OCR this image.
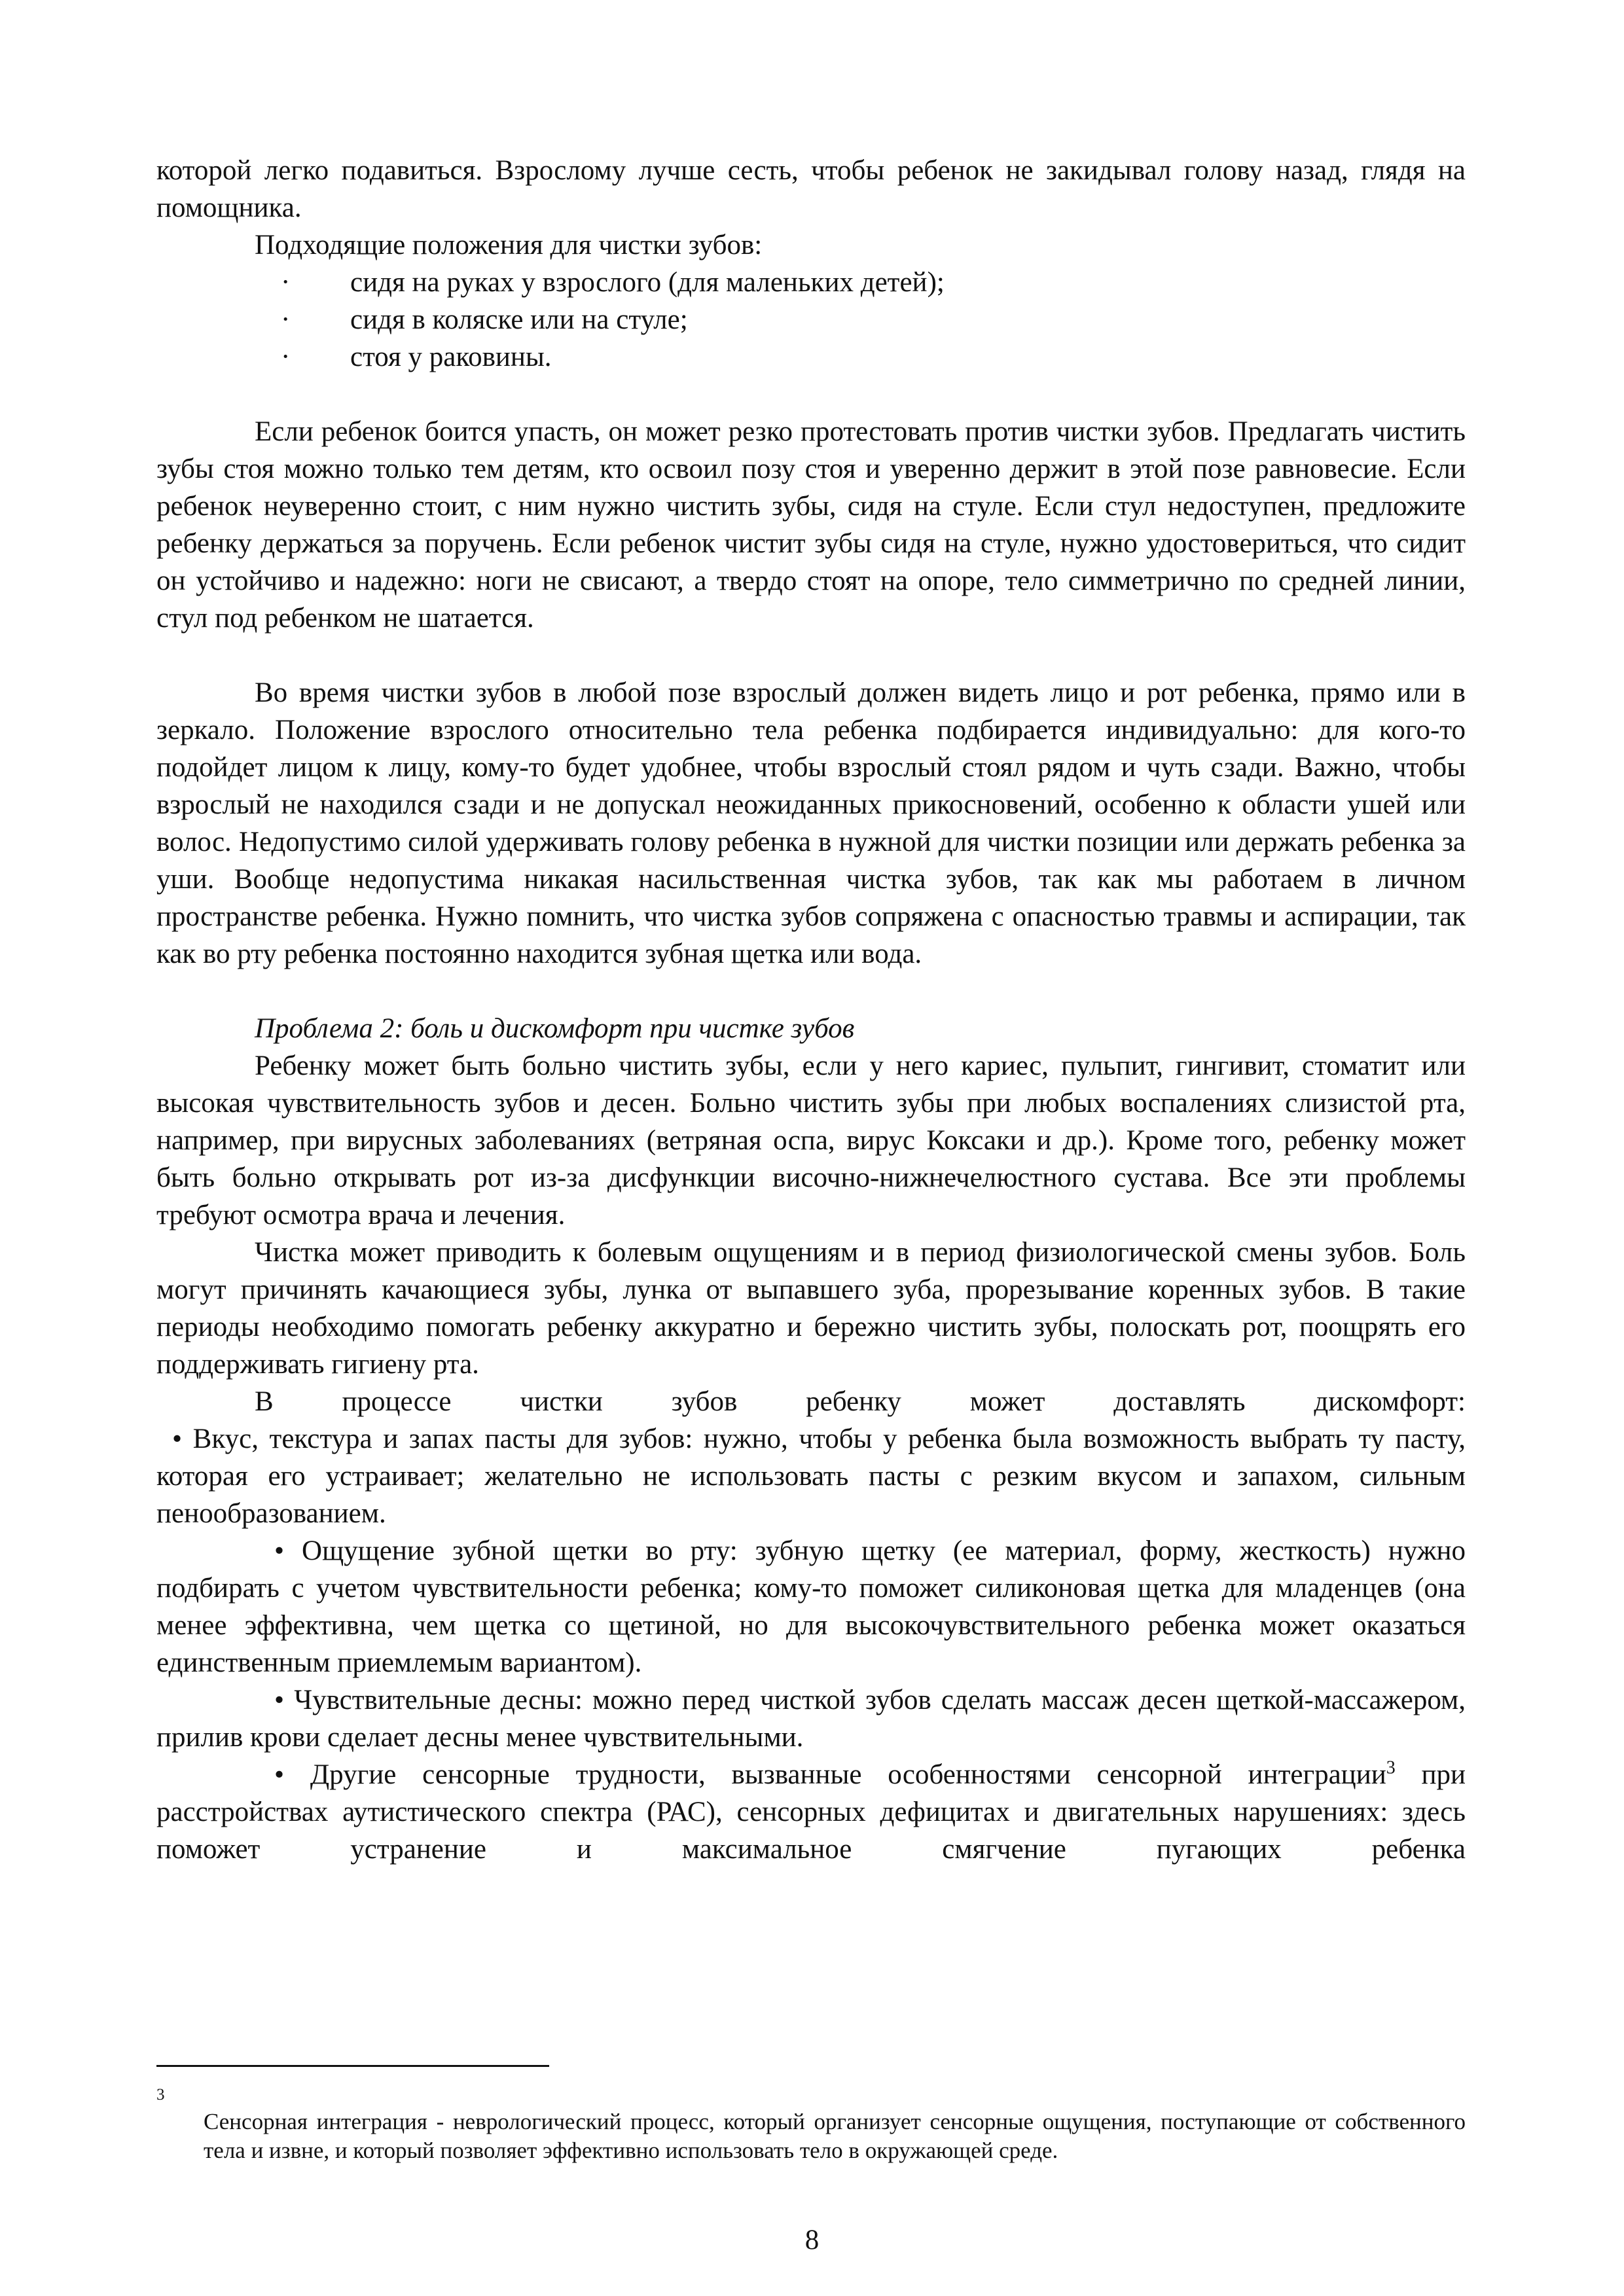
которой легко подавиться. Взрослому лучше сесть, чтобы ребенок не закидывал голову назад, глядя на помощника.

Подходящие положения для чистки зубов:

· сидя на руках у взрослого (для маленьких детей);
· сидя в коляске или на стуле;
· стоя у раковины.

Если ребенок боится упасть, он может резко протестовать против чистки зубов. Предлагать чистить зубы стоя можно только тем детям, кто освоил позу стоя и уверенно держит в этой позе равновесие. Если ребенок неуверенно стоит, с ним нужно чистить зубы, сидя на стуле. Если стул недоступен, предложите ребенку держаться за поручень. Если ребенок чистит зубы сидя на стуле, нужно удостовериться, что сидит он устойчиво и надежно: ноги не свисают, а твердо стоят на опоре, тело симметрично по средней линии, стул под ребенком не шатается.

Во время чистки зубов в любой позе взрослый должен видеть лицо и рот ребенка, прямо или в зеркало. Положение взрослого относительно тела ребенка подбирается индивидуально: для кого-то подойдет лицом к лицу, кому-то будет удобнее, чтобы взрослый стоял рядом и чуть сзади. Важно, чтобы взрослый не находился сзади и не допускал неожиданных прикосновений, особенно к области ушей или волос. Недопустимо силой удерживать голову ребенка в нужной для чистки позиции или держать ребенка за уши. Вообще недопустима никакая насильственная чистка зубов, так как мы работаем в личном пространстве ребенка. Нужно помнить, что чистка зубов сопряжена с опасностью травмы и аспирации, так как во рту ребенка постоянно находится зубная щетка или вода.

Проблема 2: боль и дискомфорт при чистке зубов

Ребенку может быть больно чистить зубы, если у него кариес, пульпит, гингивит, стоматит или высокая чувствительность зубов и десен. Больно чистить зубы при любых воспалениях слизистой рта, например, при вирусных заболеваниях (ветряная оспа, вирус Коксаки и др.). Кроме того, ребенку может быть больно открывать рот из-за дисфункции височно-нижнечелюстного сустава. Все эти проблемы требуют осмотра врача и лечения.

Чистка может приводить к болевым ощущениям и в период физиологической смены зубов. Боль могут причинять качающиеся зубы, лунка от выпавшего зуба, прорезывание коренных зубов. В такие периоды необходимо помогать ребенку аккуратно и бережно чистить зубы, полоскать рот, поощрять его поддерживать гигиену рта.

В процессе чистки зубов ребенку может доставлять дискомфорт:

• Вкус, текстура и запах пасты для зубов: нужно, чтобы у ребенка была возможность выбрать ту пасту, которая его устраивает; желательно не использовать пасты с резким вкусом и запахом, сильным пенообразованием.

• Ощущение зубной щетки во рту: зубную щетку (ее материал, форму, жесткость) нужно подбирать с учетом чувствительности ребенка; кому-то поможет силиконовая щетка для младенцев (она менее эффективна, чем щетка со щетиной, но для высокочувствительного ребенка может оказаться единственным приемлемым вариантом).

• Чувствительные десны: можно перед чисткой зубов сделать массаж десен щеткой-массажером, прилив крови сделает десны менее чувствительными.

• Другие сенсорные трудности, вызванные особенностями сенсорной интеграции$^3$ при расстройствах аутистического спектра (РАС), сенсорных дефицитах и двигательных нарушениях: здесь поможет устранение и максимальное смягчение пугающих ребенка

3

Сенсорная интеграция - неврологический процесс, который организует сенсорные ощущения, поступающие от собственного тела и извне, и который позволяет эффективно использовать тело в окружающей среде.

8
